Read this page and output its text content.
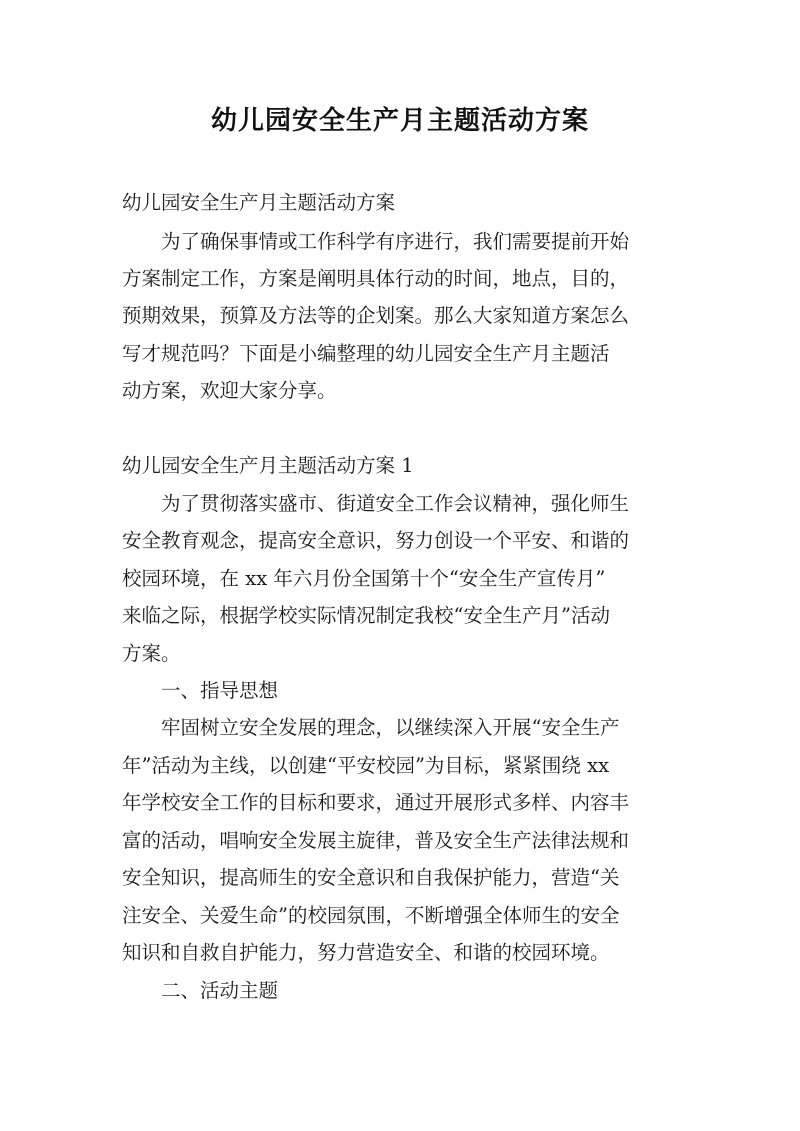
幼儿园安全生产月主题活动方案
幼儿园安全生产月主题活动方案
为了确保事情或工作科学有序进行，我们需要提前开始
方案制定工作，方案是阐明具体行动的时间，地点，目的，
预期效果，预算及方法等的企划案。那么大家知道方案怎么
写才规范吗？下面是小编整理的幼儿园安全生产月主题活
动方案，欢迎大家分享。
幼儿园安全生产月主题活动方案 1
为了贯彻落实盛市、街道安全工作会议精神，强化师生
安全教育观念，提高安全意识，努力创设一个平安、和谐的
校园环境，在 xx 年六月份全国第十个“安全生产宣传月”
来临之际，根据学校实际情况制定我校“安全生产月”活动
方案。
一、指导思想
牢固树立安全发展的理念，以继续深入开展“安全生产
年”活动为主线，以创建“平安校园”为目标，紧紧围绕 xx
年学校安全工作的目标和要求，通过开展形式多样、内容丰
富的活动，唱响安全发展主旋律，普及安全生产法律法规和
安全知识，提高师生的安全意识和自我保护能力，营造“关
注安全、关爱生命”的校园氛围，不断增强全体师生的安全
知识和自救自护能力，努力营造安全、和谐的校园环境。
二、活动主题
